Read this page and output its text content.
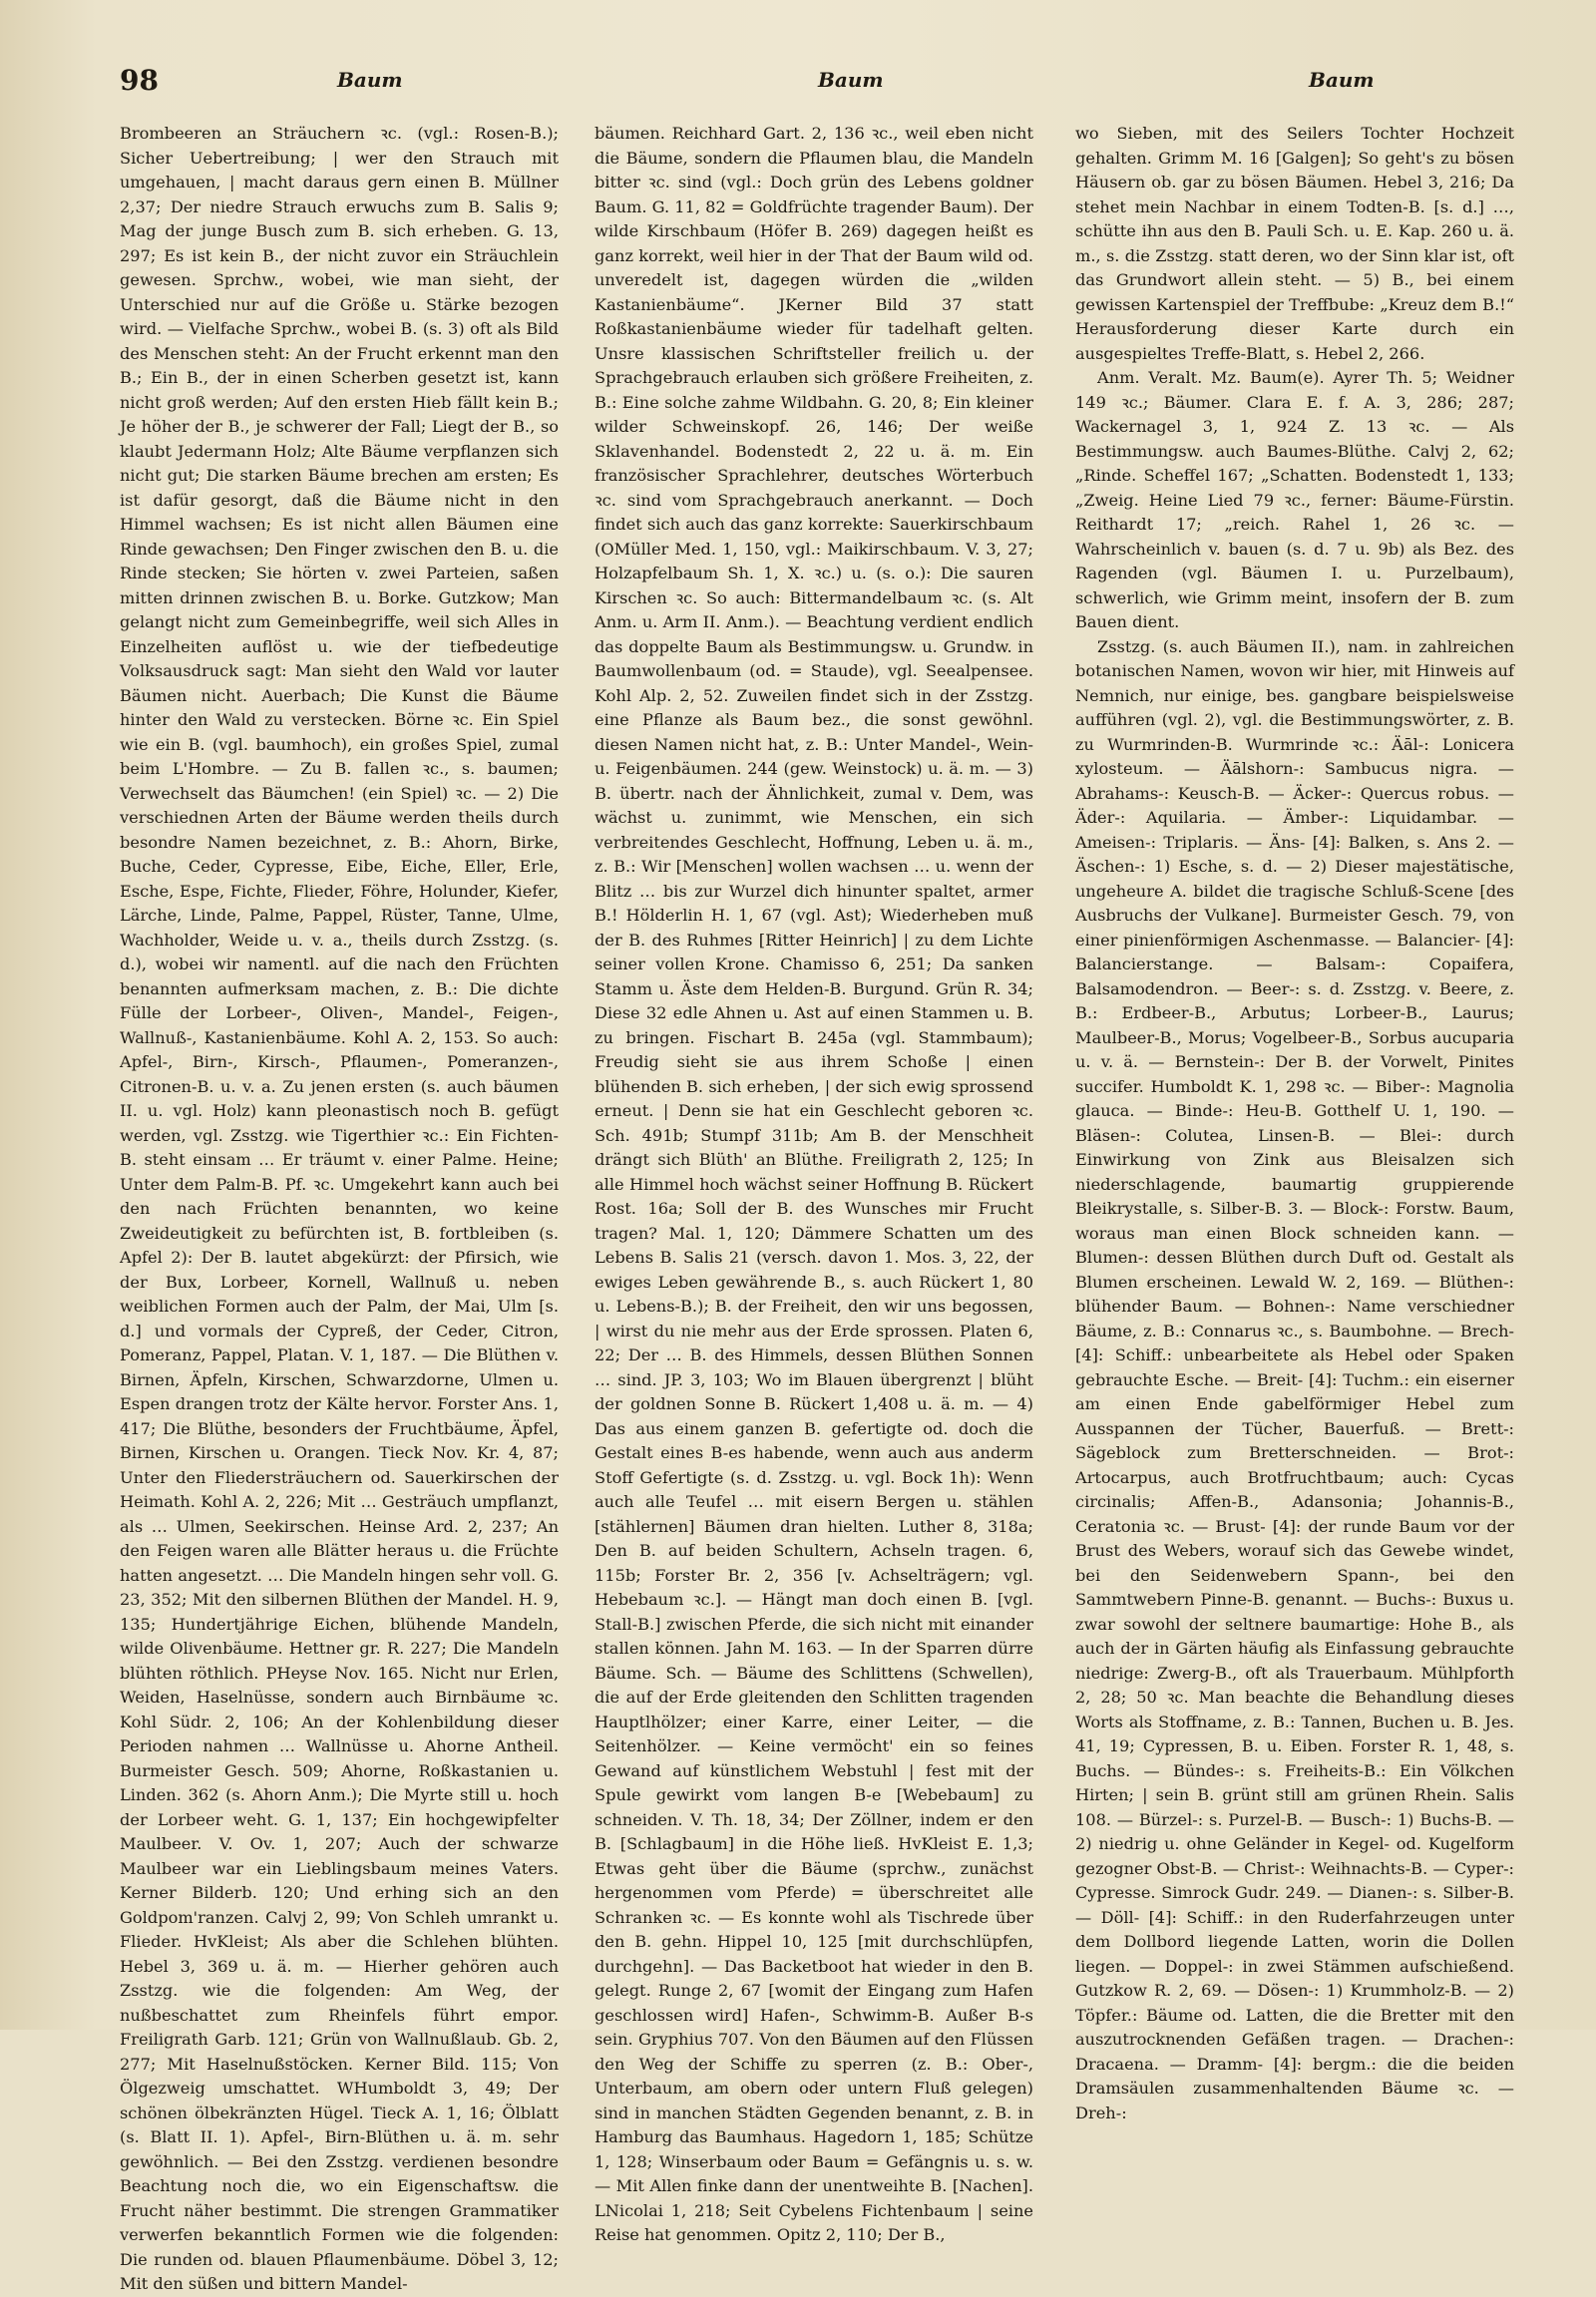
98	Baum	Baum	Baum

Brombeeren an Sträuchern ꝛc. (vgl.: Rosen-B.); Sicher Uebertreibung; | wer den Strauch mit umgehauen, | macht daraus gern einen B. Müllner 2,37; Der niedre Strauch erwuchs zum B. Salis 9; Mag der junge Busch zum B. sich erheben. G. 13, 297; Es ist kein B., der nicht zuvor ein Sträuchlein gewesen. Sprchw., wobei, wie man sieht, der Unterschied nur auf die Größe u. Stärke bezogen wird. — Vielfache Sprchw., wobei B. (s. 3) oft als Bild des Menschen steht: An der Frucht erkennt man den B.; Ein B., der in einen Scherben gesetzt ist, kann nicht groß werden; Auf den ersten Hieb fällt kein B.; Je höher der B., je schwerer der Fall; Liegt der B., so klaubt Jedermann Holz; Alte Bäume verpflanzen sich nicht gut; Die starken Bäume brechen am ersten; Es ist dafür gesorgt, daß die Bäume nicht in den Himmel wachsen; Es ist nicht allen Bäumen eine Rinde gewachsen; Den Finger zwischen den B. u. die Rinde stecken; Sie hörten v. zwei Parteien, saßen mitten drinnen zwischen B. u. Borke. Gutzkow; Man gelangt nicht zum Gemeinbegriffe, weil sich Alles in Einzelheiten auflöst u. wie der tiefbedeutige Volksausdruck sagt: Man sieht den Wald vor lauter Bäumen nicht. Auerbach; Die Kunst die Bäume hinter den Wald zu verstecken. Börne ꝛc. Ein Spiel wie ein B. (vgl. baumhoch), ein großes Spiel, zumal beim L'Hombre. — Zu B. fallen ꝛc., s. baumen; Verwechselt das Bäumchen! (ein Spiel) ꝛc. — 2) Die verschiednen Arten der Bäume werden theils durch besondre Namen bezeichnet, z. B.: Ahorn, Birke, Buche, Ceder, Cypresse, Eibe, Eiche, Eller, Erle, Esche, Espe, Fichte, Flieder, Föhre, Holunder, Kiefer, Lärche, Linde, Palme, Pappel, Rüster, Tanne, Ulme, Wachholder, Weide u. v. a., theils durch Zsstzg. (s. d.), wobei wir namentl. auf die nach den Früchten benannten aufmerksam machen, z. B.: Die dichte Fülle der Lorbeer-, Oliven-, Mandel-, Feigen-, Wallnuß-, Kastanienbäume. Kohl A. 2, 153. So auch: Apfel-, Birn-, Kirsch-, Pflaumen-, Pomeranzen-, Citronen-B. u. v. a. Zu jenen ersten (s. auch bäumen II. u. vgl. Holz) kann pleonastisch noch B. gefügt werden, vgl. Zsstzg. wie Tigerthier ꝛc.: Ein Fichten-B. steht einsam … Er träumt v. einer Palme. Heine; Unter dem Palm-B. Pf. ꝛc. Umgekehrt kann auch bei den nach Früchten benannten, wo keine Zweideutigkeit zu befürchten ist, B. fortbleiben (s. Apfel 2): Der B. lautet abgekürzt: der Pfirsich, wie der Bux, Lorbeer, Kornell, Wallnuß u. neben weiblichen Formen auch der Palm, der Mai, Ulm [s. d.] und vormals der Cypreß, der Ceder, Citron, Pomeranz, Pappel, Platan. V. 1, 187. — Die Blüthen v. Birnen, Äpfeln, Kirschen, Schwarzdorne, Ulmen u. Espen drangen trotz der Kälte hervor. Forster Ans. 1, 417; Die Blüthe, besonders der Fruchtbäume, Äpfel, Birnen, Kirschen u. Orangen. Tieck Nov. Kr. 4, 87; Unter den Fliedersträuchern od. Sauerkirschen der Heimath. Kohl A. 2, 226; Mit … Gesträuch umpflanzt, als … Ulmen, Seekirschen. Heinse Ard. 2, 237; An den Feigen waren alle Blätter heraus u. die Früchte hatten angesetzt. … Die Mandeln hingen sehr voll. G. 23, 352; Mit den silbernen Blüthen der Mandel. H. 9, 135; Hundertjährige Eichen, blühende Mandeln, wilde Olivenbäume. Hettner gr. R. 227; Die Mandeln blühten röthlich. PHeyse Nov. 165. Nicht nur Erlen, Weiden, Haselnüsse, sondern auch Birnbäume ꝛc. Kohl Südr. 2, 106; An der Kohlenbildung dieser Perioden nahmen … Wallnüsse u. Ahorne Antheil. Burmeister Gesch. 509; Ahorne, Roßkastanien u. Linden. 362 (s. Ahorn Anm.); Die Myrte still u. hoch der Lorbeer weht. G. 1, 137; Ein hochgewipfelter Maulbeer. V. Ov. 1, 207; Auch der schwarze Maulbeer war ein Lieblingsbaum meines Vaters. Kerner Bilderb. 120; Und erhing sich an den Goldpom'ranzen. Calvj 2, 99; Von Schleh umrankt u. Flieder. HvKleist; Als aber die Schlehen blühten. Hebel 3, 369 u. ä. m. — Hierher gehören auch Zsstzg. wie die folgenden: Am Weg, der nußbeschattet zum Rheinfels führt empor. Freiligrath Garb. 121; Grün von Wallnußlaub. Gb. 2, 277; Mit Haselnußstöcken. Kerner Bild. 115; Von Ölgezweig umschattet. WHumboldt 3, 49; Der schönen ölbekränzten Hügel. Tieck A. 1, 16; Ölblatt (s. Blatt II. 1). Apfel-, Birn-Blüthen u. ä. m. sehr gewöhnlich. — Bei den Zsstzg. verdienen besondre Beachtung noch die, wo ein Eigenschaftsw. die Frucht näher bestimmt. Die strengen Grammatiker verwerfen bekanntlich Formen wie die folgenden: Die runden od. blauen Pflaumenbäume. Döbel 3, 12; Mit den süßen und bittern Mandel-

bäumen. Reichhard Gart. 2, 136 ꝛc., weil eben nicht die Bäume, sondern die Pflaumen blau, die Mandeln bitter ꝛc. sind (vgl.: Doch grün des Lebens goldner Baum. G. 11, 82 = Goldfrüchte tragender Baum). Der wilde Kirschbaum (Höfer B. 269) dagegen heißt es ganz korrekt, weil hier in der That der Baum wild od. unveredelt ist, dagegen würden die „wilden Kastanienbäume“. JKerner Bild 37 statt Roßkastanienbäume wieder für tadelhaft gelten. Unsre klassischen Schriftsteller freilich u. der Sprachgebrauch erlauben sich größere Freiheiten, z. B.: Eine solche zahme Wildbahn. G. 20, 8; Ein kleiner wilder Schweinskopf. 26, 146; Der weiße Sklavenhandel. Bodenstedt 2, 22 u. ä. m. Ein französischer Sprachlehrer, deutsches Wörterbuch ꝛc. sind vom Sprachgebrauch anerkannt. — Doch findet sich auch das ganz korrekte: Sauerkirschbaum (OMüller Med. 1, 150, vgl.: Maikirschbaum. V. 3, 27; Holzapfelbaum Sh. 1, X. ꝛc.) u. (s. o.): Die sauren Kirschen ꝛc. So auch: Bittermandelbaum ꝛc. (s. Alt Anm. u. Arm II. Anm.). — Beachtung verdient endlich das doppelte Baum als Bestimmungsw. u. Grundw. in Baumwollenbaum (od. = Staude), vgl. Seealpensee. Kohl Alp. 2, 52. Zuweilen findet sich in der Zsstzg. eine Pflanze als Baum bez., die sonst gewöhnl. diesen Namen nicht hat, z. B.: Unter Mandel-, Wein- u. Feigenbäumen. 244 (gew. Weinstock) u. ä. m. — 3) B. übertr. nach der Ähnlichkeit, zumal v. Dem, was wächst u. zunimmt, wie Menschen, ein sich verbreitendes Geschlecht, Hoffnung, Leben u. ä. m., z. B.: Wir [Menschen] wollen wachsen … u. wenn der Blitz … bis zur Wurzel dich hinunter spaltet, armer B.! Hölderlin H. 1, 67 (vgl. Ast); Wiederheben muß der B. des Ruhmes [Ritter Heinrich] | zu dem Lichte seiner vollen Krone. Chamisso 6, 251; Da sanken Stamm u. Äste dem Helden-B. Burgund. Grün R. 34; Diese 32 edle Ahnen u. Ast auf einen Stammen u. B. zu bringen. Fischart B. 245a (vgl. Stammbaum); Freudig sieht sie aus ihrem Schoße | einen blühenden B. sich erheben, | der sich ewig sprossend erneut. | Denn sie hat ein Geschlecht geboren ꝛc. Sch. 491b; Stumpf 311b; Am B. der Menschheit drängt sich Blüth' an Blüthe. Freiligrath 2, 125; In alle Himmel hoch wächst seiner Hoffnung B. Rückert Rost. 16a; Soll der B. des Wunsches mir Frucht tragen? Mal. 1, 120; Dämmere Schatten um des Lebens B. Salis 21 (versch. davon 1. Mos. 3, 22, der ewiges Leben gewährende B., s. auch Rückert 1, 80 u. Lebens-B.); B. der Freiheit, den wir uns begossen, | wirst du nie mehr aus der Erde sprossen. Platen 6, 22; Der … B. des Himmels, dessen Blüthen Sonnen … sind. JP. 3, 103; Wo im Blauen übergrenzt | blüht der goldnen Sonne B. Rückert 1,408 u. ä. m. — 4) Das aus einem ganzen B. gefertigte od. doch die Gestalt eines B-es habende, wenn auch aus anderm Stoff Gefertigte (s. d. Zsstzg. u. vgl. Bock 1h): Wenn auch alle Teufel … mit eisern Bergen u. stählen [stählernen] Bäumen dran hielten. Luther 8, 318a; Den B. auf beiden Schultern, Achseln tragen. 6, 115b; Forster Br. 2, 356 [v. Achselträgern; vgl. Hebebaum ꝛc.]. — Hängt man doch einen B. [vgl. Stall-B.] zwischen Pferde, die sich nicht mit einander stallen können. Jahn M. 163. — In der Sparren dürre Bäume. Sch. — Bäume des Schlittens (Schwellen), die auf der Erde gleitenden den Schlitten tragenden Hauptlhölzer; einer Karre, einer Leiter, — die Seitenhölzer. — Keine vermöcht' ein so feines Gewand auf künstlichem Webstuhl | fest mit der Spule gewirkt vom langen B-e [Webebaum] zu schneiden. V. Th. 18, 34; Der Zöllner, indem er den B. [Schlagbaum] in die Höhe ließ. HvKleist E. 1,3; Etwas geht über die Bäume (sprchw., zunächst hergenommen vom Pferde) = überschreitet alle Schranken ꝛc. — Es konnte wohl als Tischrede über den B. gehn. Hippel 10, 125 [mit durchschlüpfen, durchgehn]. — Das Backetboot hat wieder in den B. gelegt. Runge 2, 67 [womit der Eingang zum Hafen geschlossen wird] Hafen-, Schwimm-B. Außer B-s sein. Gryphius 707. Von den Bäumen auf den Flüssen den Weg der Schiffe zu sperren (z. B.: Ober-, Unterbaum, am obern oder untern Fluß gelegen) sind in manchen Städten Gegenden benannt, z. B. in Hamburg das Baumhaus. Hagedorn 1, 185; Schütze 1, 128; Winserbaum oder Baum = Gefängnis u. s. w. — Mit Allen finke dann der unentweihte B. [Nachen]. LNicolai 1, 218; Seit Cybelens Fichtenbaum | seine Reise hat genommen. Opitz 2, 110; Der B.,

wo Sieben, mit des Seilers Tochter Hochzeit gehalten. Grimm M. 16 [Galgen]; So geht's zu bösen Häusern ob. gar zu bösen Bäumen. Hebel 3, 216; Da stehet mein Nachbar in einem Todten-B. [s. d.] …, schütte ihn aus den B. Pauli Sch. u. E. Kap. 260 u. ä. m., s. die Zsstzg. statt deren, wo der Sinn klar ist, oft das Grundwort allein steht. — 5) B., bei einem gewissen Kartenspiel der Treffbube: „Kreuz dem B.!“ Herausforderung dieser Karte durch ein ausgespieltes Treffe-Blatt, s. Hebel 2, 266.

Anm. Veralt. Mz. Baum(e). Ayrer Th. 5; Weidner 149 ꝛc.; Bäumer. Clara E. f. A. 3, 286; 287; Wackernagel 3, 1, 924 Z. 13 ꝛc. — Als Bestimmungsw. auch Baumes-Blüthe. Calvj 2, 62; „Rinde. Scheffel 167; „Schatten. Bodenstedt 1, 133; „Zweig. Heine Lied 79 ꝛc., ferner: Bäume-Fürstin. Reithardt 17; „reich. Rahel 1, 26 ꝛc. — Wahrscheinlich v. bauen (s. d. 7 u. 9b) als Bez. des Ragenden (vgl. Bäumen I. u. Purzelbaum), schwerlich, wie Grimm meint, insofern der B. zum Bauen dient.

Zsstzg. (s. auch Bäumen II.), nam. in zahlreichen botanischen Namen, wovon wir hier, mit Hinweis auf Nemnich, nur einige, bes. gangbare beispielsweise aufführen (vgl. 2), vgl. die Bestimmungswörter, z. B. zu Wurmrinden-B. Wurmrinde ꝛc.: Äāl-: Lonicera xylosteum. — Äālshorn-: Sambucus nigra. — Abrahams-: Keusch-B. — Äcker-: Quercus robus. — Äder-: Aquilaria. — Ämber-: Liquidambar. — Ameisen-: Triplaris. — Äns- [4]: Balken, s. Ans 2. — Äschen-: 1) Esche, s. d. — 2) Dieser majestätische, ungeheure A. bildet die tragische Schluß-Scene [des Ausbruchs der Vulkane]. Burmeister Gesch. 79, von einer pinienförmigen Aschenmasse. — Balancier- [4]: Balancierstange. — Balsam-: Copaifera, Balsamodendron. — Beer-: s. d. Zsstzg. v. Beere, z. B.: Erdbeer-B., Arbutus; Lorbeer-B., Laurus; Maulbeer-B., Morus; Vogelbeer-B., Sorbus aucuparia u. v. ä. — Bernstein-: Der B. der Vorwelt, Pinites succifer. Humboldt K. 1, 298 ꝛc. — Biber-: Magnolia glauca. — Binde-: Heu-B. Gotthelf U. 1, 190. — Bläsen-: Colutea, Linsen-B. — Blei-: durch Einwirkung von Zink aus Bleisalzen sich niederschlagende, baumartig gruppierende Bleikrystalle, s. Silber-B. 3. — Block-: Forstw. Baum, woraus man einen Block schneiden kann. — Blumen-: dessen Blüthen durch Duft od. Gestalt als Blumen erscheinen. Lewald W. 2, 169. — Blüthen-: blühender Baum. — Bohnen-: Name verschiedner Bäume, z. B.: Connarus ꝛc., s. Baumbohne. — Brech- [4]: Schiff.: unbearbeitete als Hebel oder Spaken gebrauchte Esche. — Breit- [4]: Tuchm.: ein eiserner am einen Ende gabelförmiger Hebel zum Ausspannen der Tücher, Bauerfuß. — Brett-: Sägeblock zum Bretterschneiden. — Brot-: Artocarpus, auch Brotfruchtbaum; auch: Cycas circinalis; Affen-B., Adansonia; Johannis-B., Ceratonia ꝛc. — Brust- [4]: der runde Baum vor der Brust des Webers, worauf sich das Gewebe windet, bei den Seidenwebern Spann-, bei den Sammtwebern Pinne-B. genannt. — Buchs-: Buxus u. zwar sowohl der seltnere baumartige: Hohe B., als auch der in Gärten häufig als Einfassung gebrauchte niedrige: Zwerg-B., oft als Trauerbaum. Mühlpforth 2, 28; 50 ꝛc. Man beachte die Behandlung dieses Worts als Stoffname, z. B.: Tannen, Buchen u. B. Jes. 41, 19; Cypressen, B. u. Eiben. Forster R. 1, 48, s. Buchs. — Bündes-: s. Freiheits-B.: Ein Völkchen Hirten; | sein B. grünt still am grünen Rhein. Salis 108. — Bürzel-: s. Purzel-B. — Busch-: 1) Buchs-B. — 2) niedrig u. ohne Geländer in Kegel- od. Kugelform gezogner Obst-B. — Christ-: Weihnachts-B. — Cyper-: Cypresse. Simrock Gudr. 249. — Dianen-: s. Silber-B. — Döll- [4]: Schiff.: in den Ruderfahrzeugen unter dem Dollbord liegende Latten, worin die Dollen liegen. — Doppel-: in zwei Stämmen aufschießend. Gutzkow R. 2, 69. — Dösen-: 1) Krummholz-B. — 2) Töpfer.: Bäume od. Latten, die die Bretter mit den auszutrocknenden Gefäßen tragen. — Drachen-: Dracaena. — Dramm- [4]: bergm.: die die beiden Dramsäulen zusammenhaltenden Bäume ꝛc. — Dreh-:
